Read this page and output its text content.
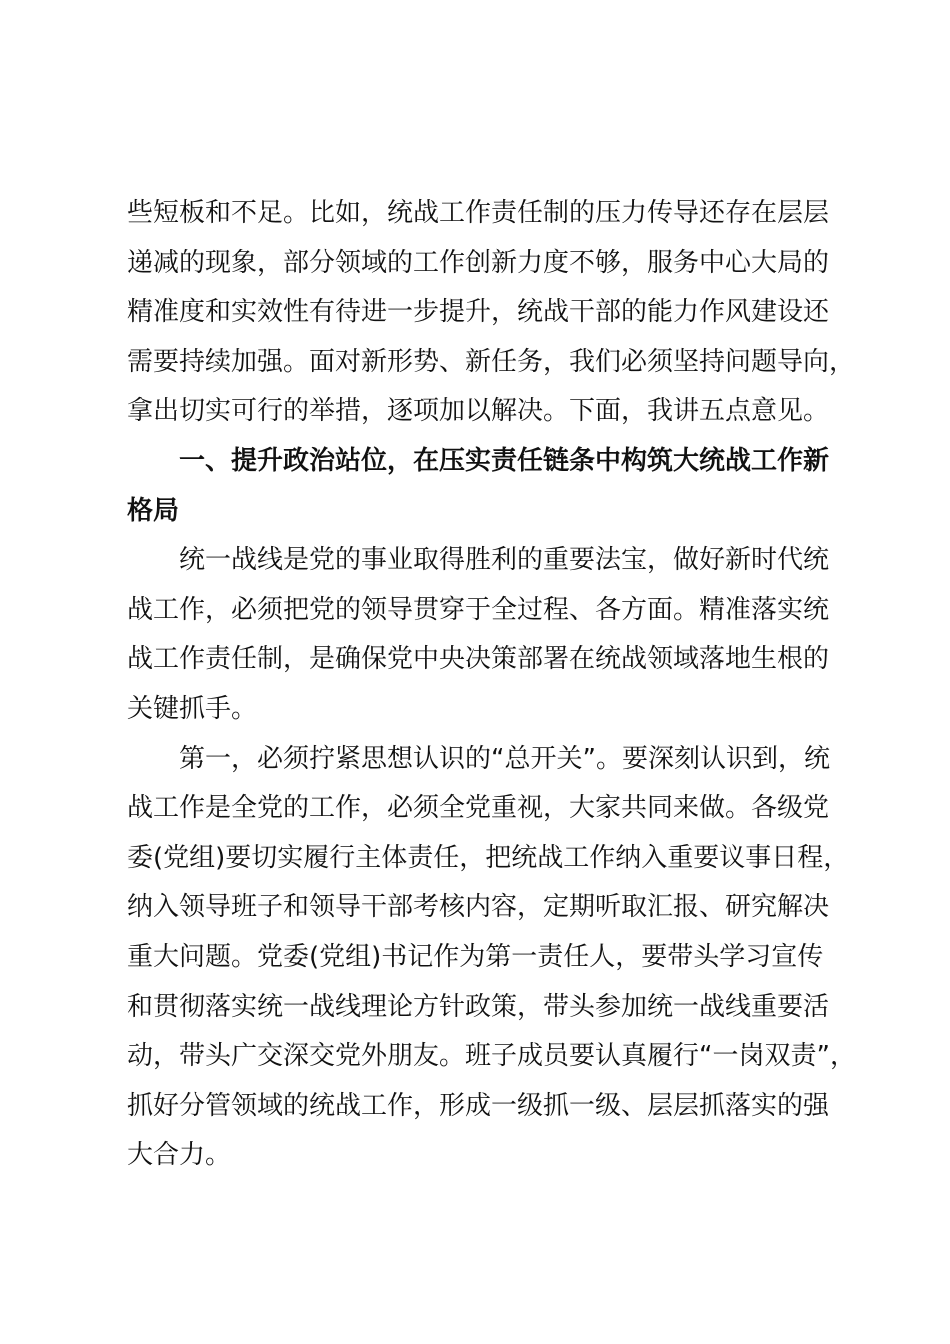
些短板和不足。比如，统战工作责任制的压力传导还存在层层
递减的现象，部分领域的工作创新力度不够，服务中心大局的
精准度和实效性有待进一步提升，统战干部的能力作风建设还
需要持续加强。面对新形势、新任务，我们必须坚持问题导向，
拿出切实可行的举措，逐项加以解决。下面，我讲五点意见。

一、提升政治站位，在压实责任链条中构筑大统战工作新
格局

统一战线是党的事业取得胜利的重要法宝，做好新时代统
战工作，必须把党的领导贯穿于全过程、各方面。精准落实统
战工作责任制，是确保党中央决策部署在统战领域落地生根的
关键抓手。

第一，必须拧紧思想认识的“总开关”。要深刻认识到，统
战工作是全党的工作，必须全党重视，大家共同来做。各级党
委(党组)要切实履行主体责任，把统战工作纳入重要议事日程，
纳入领导班子和领导干部考核内容，定期听取汇报、研究解决
重大问题。党委(党组)书记作为第一责任人，要带头学习宣传
和贯彻落实统一战线理论方针政策，带头参加统一战线重要活
动，带头广交深交党外朋友。班子成员要认真履行“一岗双责”，
抓好分管领域的统战工作，形成一级抓一级、层层抓落实的强
大合力。
